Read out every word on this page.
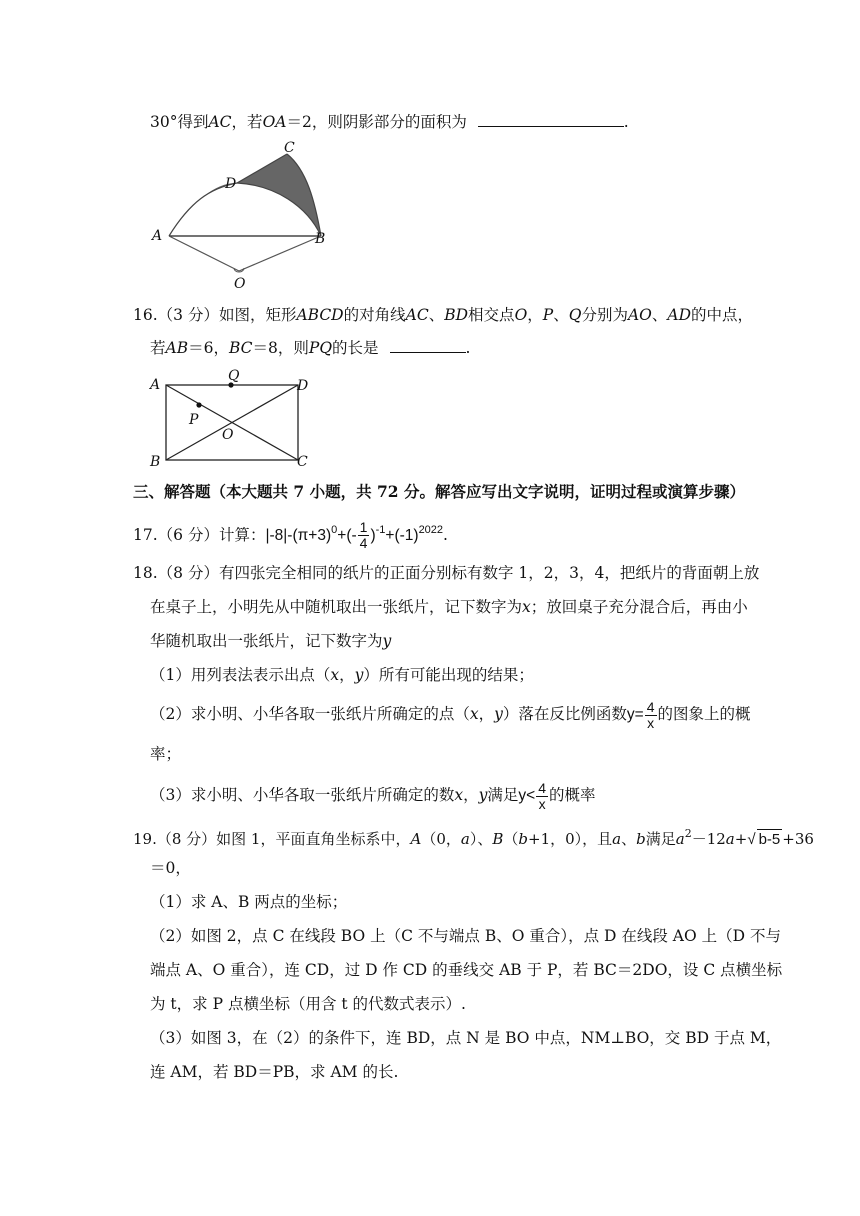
30°得到AC，若OA＝2，则阴影部分的面积为	.
C
D
A	B
O
16.（3 分）如图，矩形ABCD的对角线AC、BD相交点O，P、Q分别为AO、AD的中点，
若AB＝6，BC＝8，则PQ的长是	.
A
Q
D
P
O
B	C
三、解答题（本大题共 7 小题，共 72 分。解答应写出文字说明，证明过程或演算步骤）
17.（6 分）计算：$|-8|-(\pi+3)^0+(- \frac{1}{4} )^{-1}+(-1)^{2022}$.
18.（8 分）有四张完全相同的纸片的正面分别标有数字 1，2，3，4，把纸片的背面朝上放
在桌子上，小明先从中随机取出一张纸片，记下数字为x；放回桌子充分混合后，再由小
华随机取出一张纸片，记下数字为y
（1）用列表法表示出点（x，y）所有可能出现的结果；
（2）求小明、小华各取一张纸片所确定的点（x，y）落在反比例函数$y= \frac{4}{x}$ 的图象上的概
率；
（3）求小明、小华各取一张纸片所确定的数x，y满足$y< \frac{4}{x}$ 的概率
19.（8 分）如图 1，平面直角坐标系中，A（0，a）、B（b+1，0），且a、b满足$a^2-12a+√$ b-5 +36
＝0，
（1）求 A、B 两点的坐标；
（2）如图 2，点 C 在线段 BO 上（C 不与端点 B、O 重合），点 D 在线段 AO 上（D 不与
端点 A、O 重合），连 CD，过 D 作 CD 的垂线交 AB 于 P，若 BC＝2DO，设 C 点横坐标
为 t，求 P 点横坐标（用含 t 的代数式表示）.
（3）如图 3，在（2）的条件下，连 BD，点 N 是 BO 中点，NM⊥BO，交 BD 于点 M，
连 AM，若 BD＝PB，求 AM 的长.
